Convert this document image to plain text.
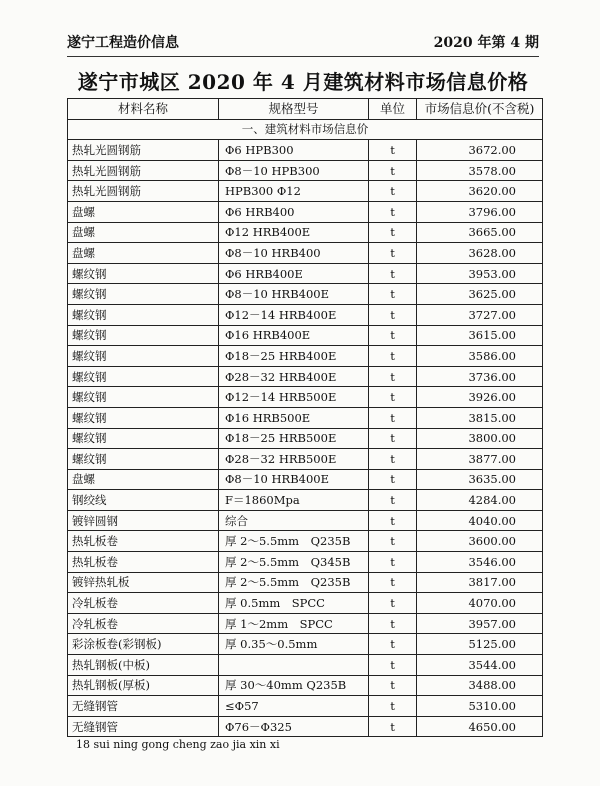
遂宁工程造价信息	2020 年第 4 期
遂宁市城区 2020 年 4 月建筑材料市场信息价格
材料名称	规格型号	单位	市场信息价(不含税)
一、建筑材料市场信息价			
热轧光圆钢筋	Φ6 HPB300	t	3672.00
热轧光圆钢筋	Φ8－10 HPB300	t	3578.00
热轧光圆钢筋	HPB300 Φ12	t	3620.00
盘螺	Φ6 HRB400	t	3796.00
盘螺	Φ12 HRB400E	t	3665.00
盘螺	Φ8－10 HRB400	t	3628.00
螺纹钢	Φ6 HRB400E	t	3953.00
螺纹钢	Φ8－10 HRB400E	t	3625.00
螺纹钢	Φ12－14 HRB400E	t	3727.00
螺纹钢	Φ16 HRB400E	t	3615.00
螺纹钢	Φ18－25 HRB400E	t	3586.00
螺纹钢	Φ28－32 HRB400E	t	3736.00
螺纹钢	Φ12－14 HRB500E	t	3926.00
螺纹钢	Φ16 HRB500E	t	3815.00
螺纹钢	Φ18－25 HRB500E	t	3800.00
螺纹钢	Φ28－32 HRB500E	t	3877.00
盘螺	Φ8－10 HRB400E	t	3635.00
钢绞线	F＝1860Mpa	t	4284.00
镀锌圆钢	综合	t	4040.00
热轧板卷	厚 2～5.5mm　Q235B	t	3600.00
热轧板卷	厚 2～5.5mm　Q345B	t	3546.00
镀锌热轧板	厚 2～5.5mm　Q235B	t	3817.00
冷轧板卷	厚 0.5mm　SPCC	t	4070.00
冷轧板卷	厚 1～2mm　SPCC	t	3957.00
彩涂板卷(彩钢板)	厚 0.35～0.5mm	t	5125.00
热轧钢板(中板)		t	3544.00
热轧钢板(厚板)	厚 30～40mm Q235B	t	3488.00
无缝钢管	≤Φ57	t	5310.00
无缝钢管	Φ76－Φ325	t	4650.00
18 sui ning gong cheng zao jia xin xi
